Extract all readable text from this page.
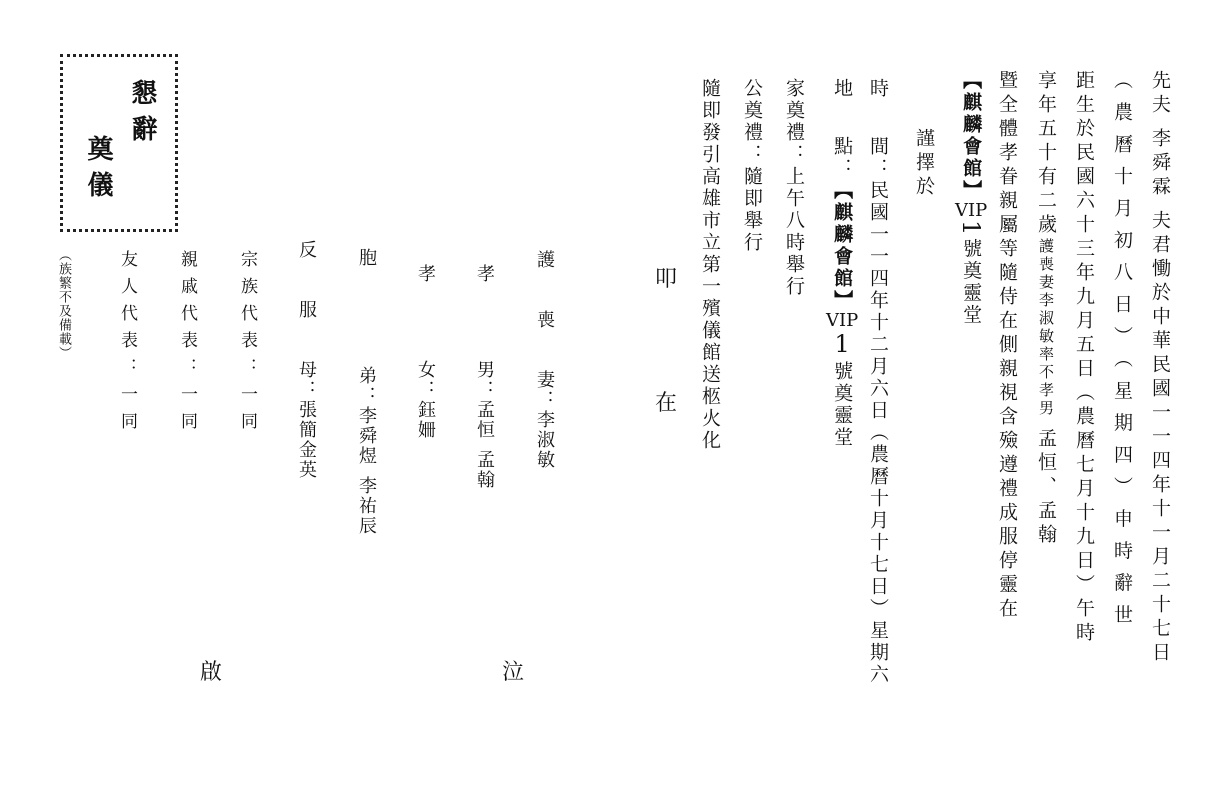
先夫李舜霖夫君慟於中華民國一一四年十一月二十七日
（農曆十月初八日）（星期四）申時辭世
距生於民國六十三年九月五日（農曆七月十九日）午時
享年五十有二歲護喪妻李淑敏率不孝男孟恒、孟翰
暨全體孝眷親屬等隨侍在側親視含殮遵禮成服停靈在
【麒麟會館】VIP1號奠靈堂
謹擇於
時間：民國一一四年十二月六日（農曆十月十七日）星期六
地點：【麒麟會館】VIP1號奠靈堂
家奠禮：上午八時舉行
公奠禮：隨即舉行
隨即發引高雄市立第一殯儀館送柩火化
叩
在
泣
啟
護喪妻：李淑敏
孝男：孟恒孟翰
孝女：鈺姍
胞弟：李舜煜李祐辰
反服母：張簡金英
宗族代表：一同
親戚代表：一同
友人代表：一同
懇辭
奠儀
（族繁不及備載）
